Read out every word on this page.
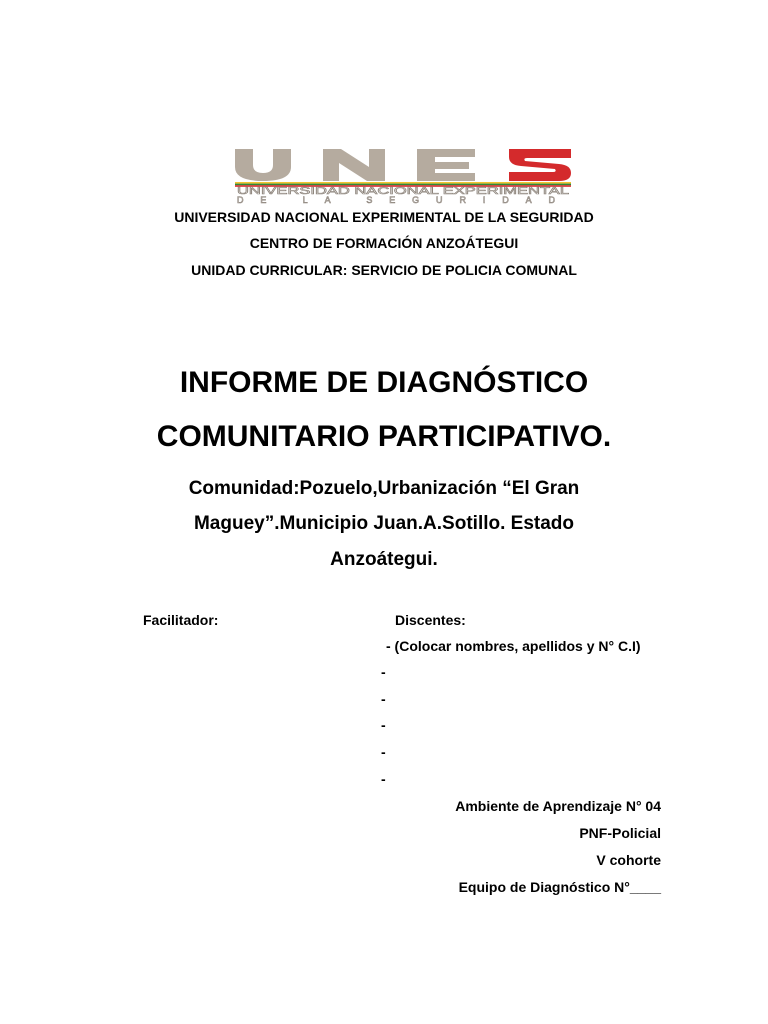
UNIVERSIDAD NACIONAL EXPERIMENTAL
DE LA SEGURIDAD
UNIVERSIDAD NACIONAL EXPERIMENTAL DE LA SEGURIDAD
CENTRO DE FORMACIÓN ANZOÁTEGUI
UNIDAD CURRICULAR: SERVICIO DE POLICIA COMUNAL
INFORME DE DIAGNÓSTICO
COMUNITARIO PARTICIPATIVO.
Comunidad:Pozuelo,Urbanización “El Gran
Maguey”.Municipio Juan.A.Sotillo. Estado
Anzoátegui.
Facilitador:	Discentes:
- (Colocar nombres, apellidos y N° C.I)
-
-
-
-
-
Ambiente de Aprendizaje N° 04
PNF-Policial
V cohorte
Equipo de Diagnóstico N°____
